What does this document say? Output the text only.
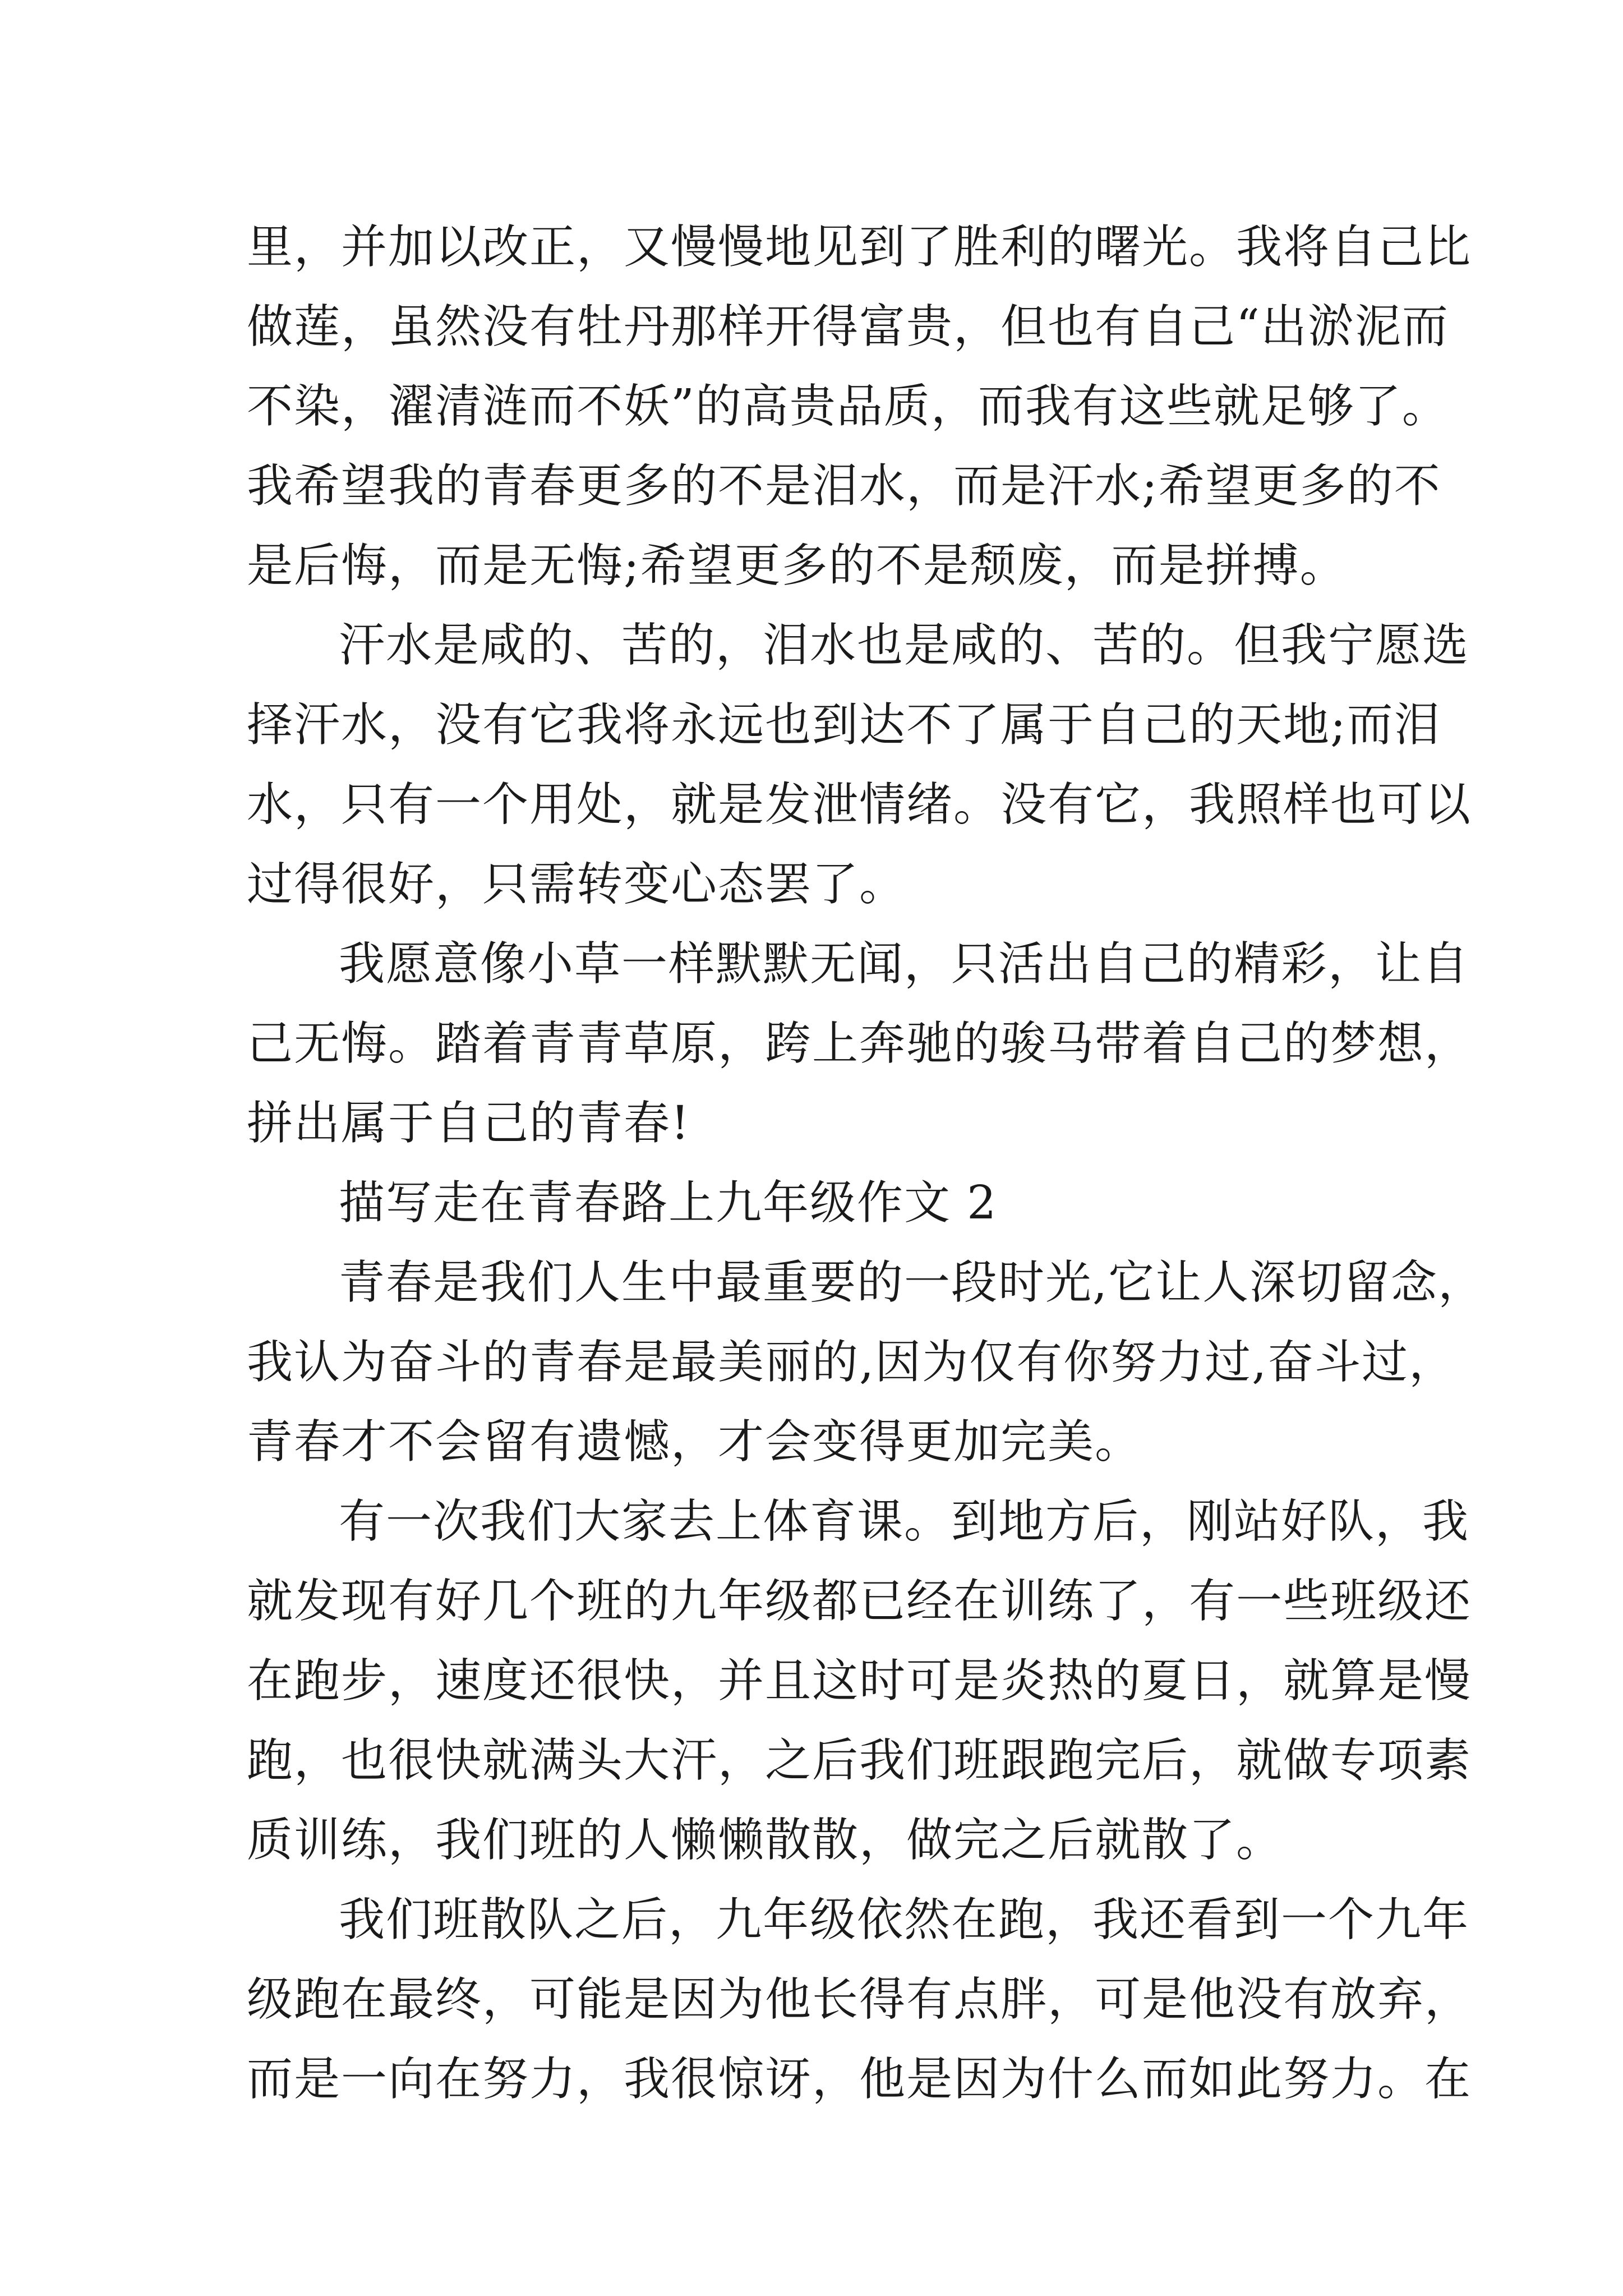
里，并加以改正，又慢慢地见到了胜利的曙光。我将自己比
做莲，虽然没有牡丹那样开得富贵，但也有自己“出淤泥而
不染，濯清涟而不妖”的高贵品质，而我有这些就足够了。
我希望我的青春更多的不是泪水，而是汗水;希望更多的不
是后悔，而是无悔;希望更多的不是颓废，而是拼搏。
汗水是咸的、苦的，泪水也是咸的、苦的。但我宁愿选
择汗水，没有它我将永远也到达不了属于自己的天地;而泪
水，只有一个用处，就是发泄情绪。没有它，我照样也可以
过得很好，只需转变心态罢了。
我愿意像小草一样默默无闻，只活出自己的精彩，让自
己无悔。踏着青青草原，跨上奔驰的骏马带着自己的梦想，
拼出属于自己的青春!
描写走在青春路上九年级作文 2
青春是我们人生中最重要的一段时光,它让人深切留念，
我认为奋斗的青春是最美丽的,因为仅有你努力过,奋斗过，
青春才不会留有遗憾，才会变得更加完美。
有一次我们大家去上体育课。到地方后，刚站好队，我
就发现有好几个班的九年级都已经在训练了，有一些班级还
在跑步，速度还很快，并且这时可是炎热的夏日，就算是慢
跑，也很快就满头大汗，之后我们班跟跑完后，就做专项素
质训练，我们班的人懒懒散散，做完之后就散了。
我们班散队之后，九年级依然在跑，我还看到一个九年
级跑在最终，可能是因为他长得有点胖，可是他没有放弃，
而是一向在努力，我很惊讶，他是因为什么而如此努力。在
